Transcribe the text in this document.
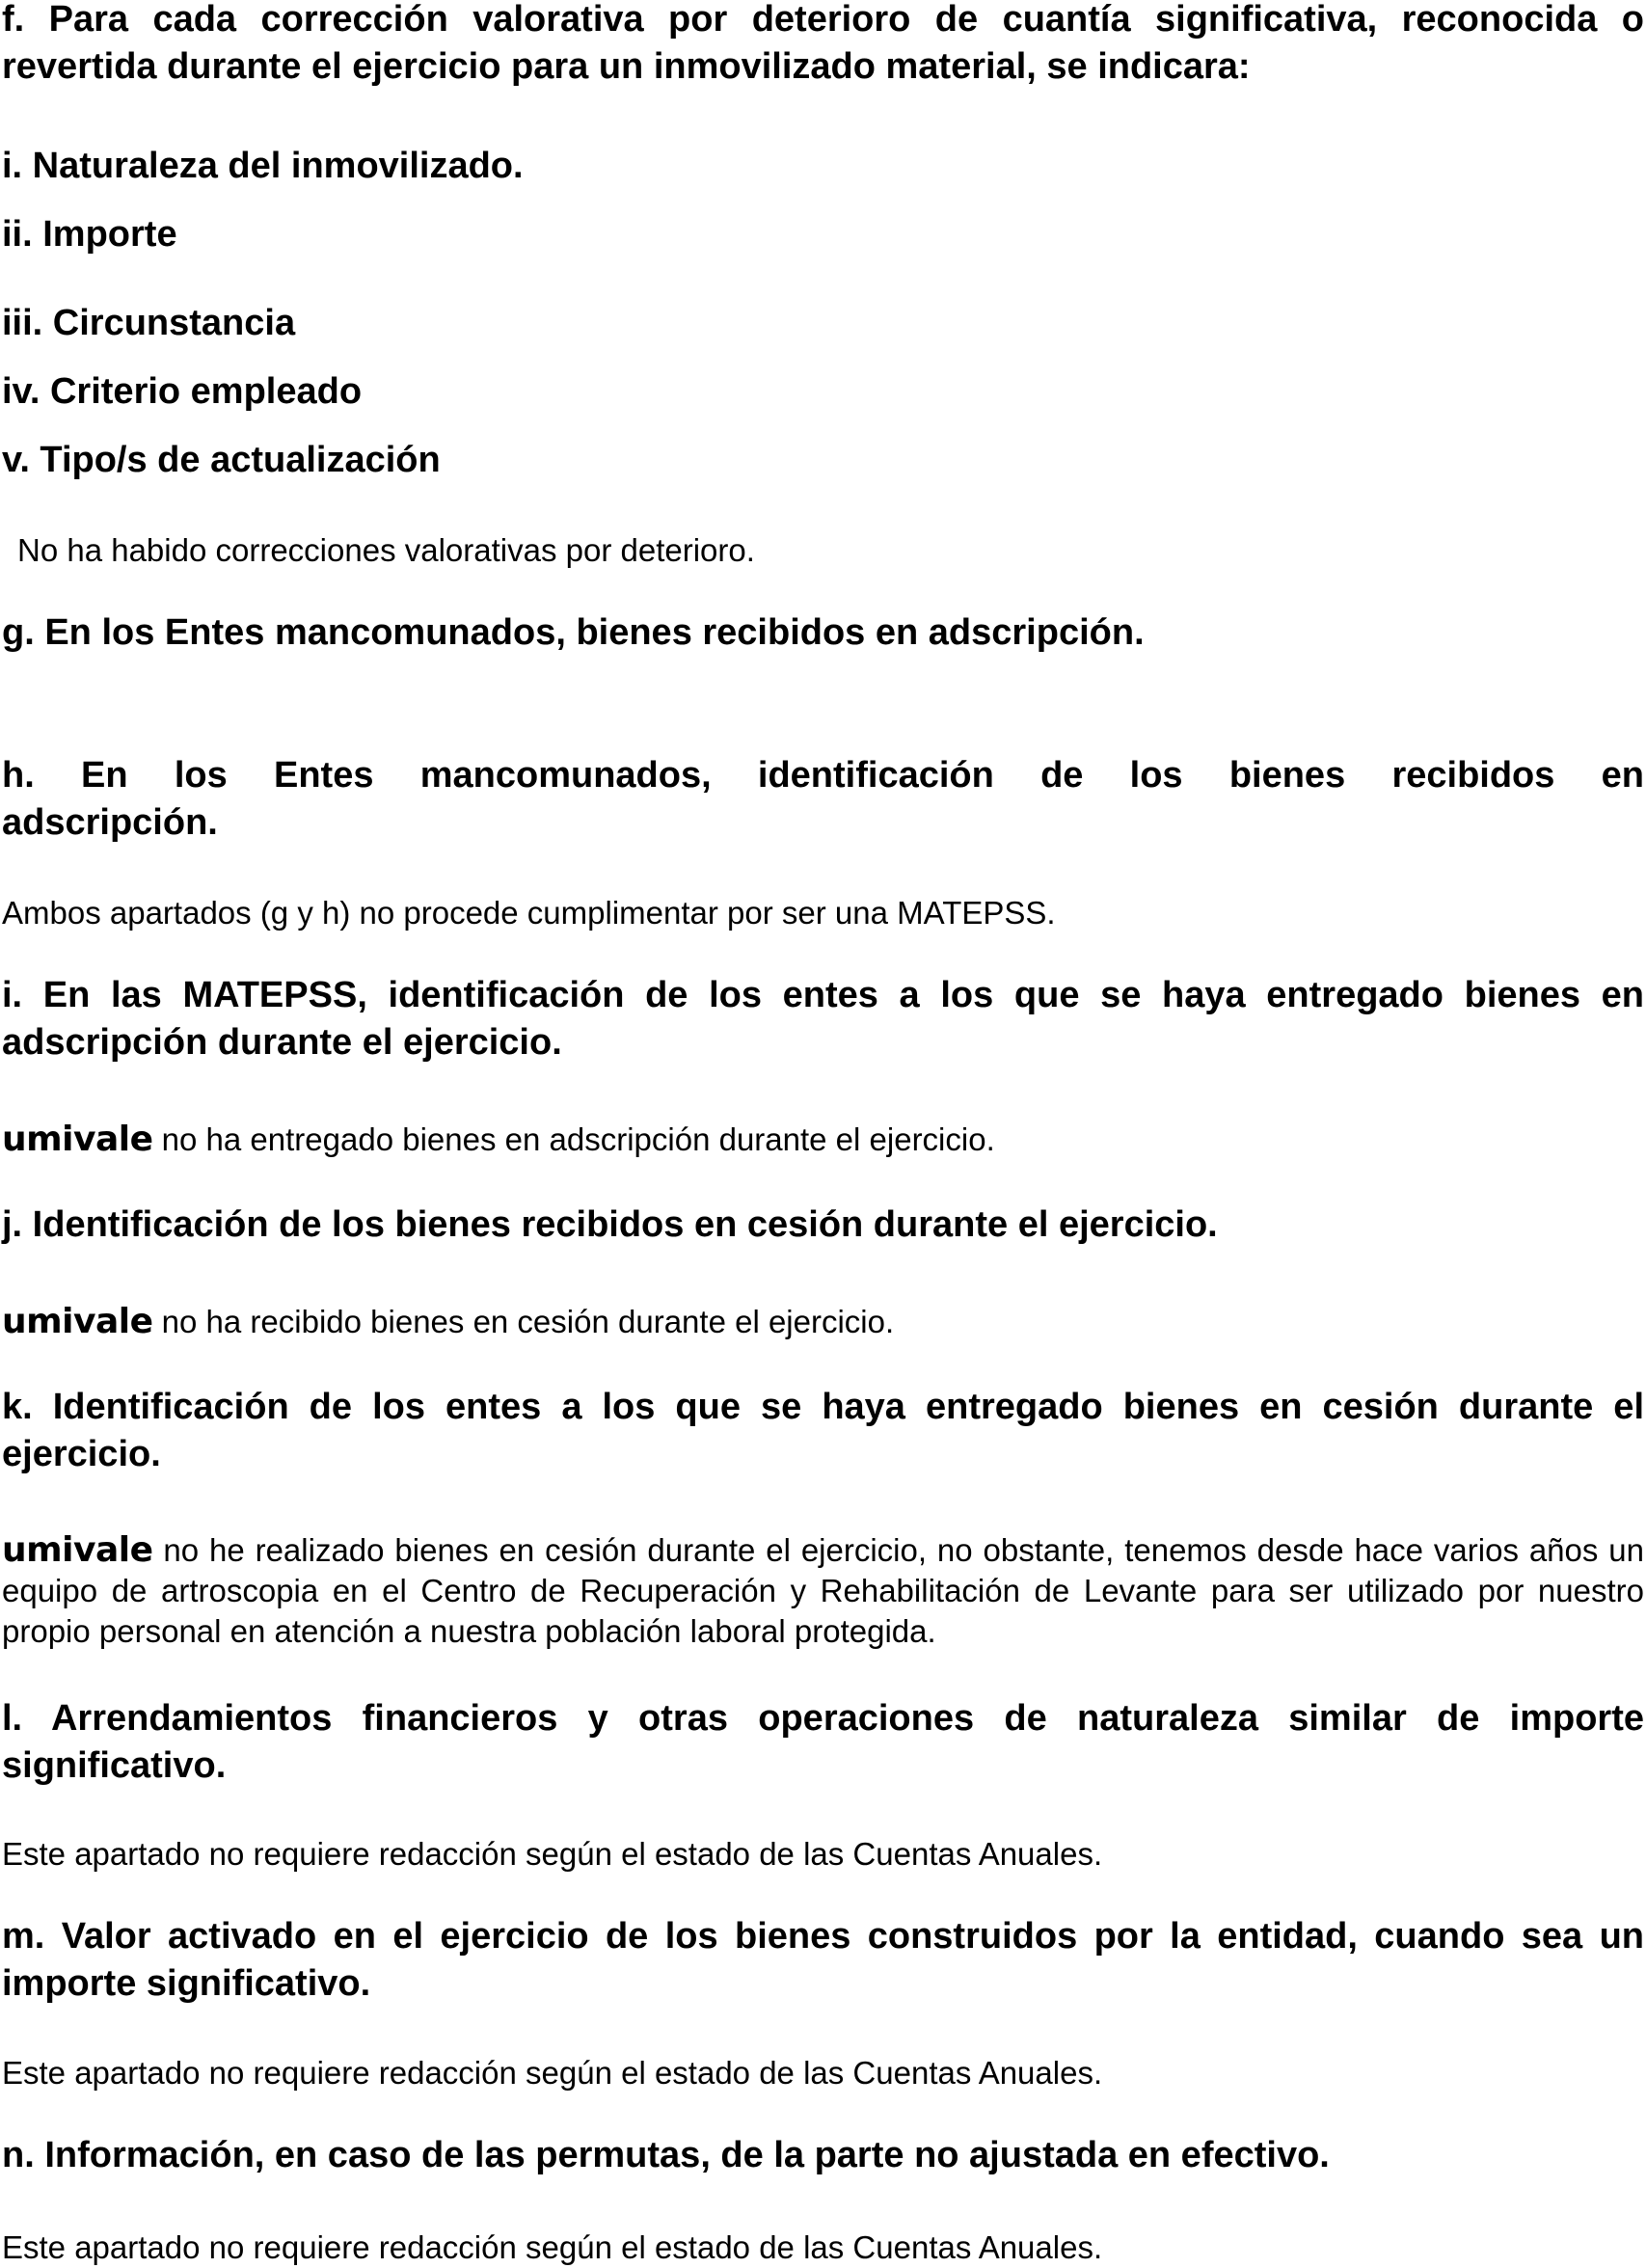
f. Para cada corrección valorativa por deterioro de cuantía significativa, reconocida o revertida durante el ejercicio para un inmovilizado material, se indicara:

i. Naturaleza del inmovilizado.

ii. Importe

iii. Circunstancia

iv. Criterio empleado

v. Tipo/s de actualización

No ha habido correcciones valorativas por deterioro.

g. En los Entes mancomunados, bienes recibidos en adscripción.

h. En los Entes mancomunados, identificación de los bienes recibidos en

adscripción.

Ambos apartados (g y h) no procede cumplimentar por ser una MATEPSS.

i. En las MATEPSS, identificación de los entes a los que se haya entregado bienes en adscripción durante el ejercicio.

umivale no ha entregado bienes en adscripción durante el ejercicio.

j. Identificación de los bienes recibidos en cesión durante el ejercicio.

umivale no ha recibido bienes en cesión durante el ejercicio.

k. Identificación de los entes a los que se haya entregado bienes en cesión durante el ejercicio.

umivale no he realizado bienes en cesión durante el ejercicio, no obstante, tenemos desde hace varios años un equipo de artroscopia en el Centro de Recuperación y Rehabilitación de Levante para ser utilizado por nuestro propio personal en atención a nuestra población laboral protegida.

l. Arrendamientos financieros y otras operaciones de naturaleza similar de importe significativo.

Este apartado no requiere redacción según el estado de las Cuentas Anuales.

m. Valor activado en el ejercicio de los bienes construidos por la entidad, cuando sea un importe significativo.

Este apartado no requiere redacción según el estado de las Cuentas Anuales.

n. Información, en caso de las permutas, de la parte no ajustada en efectivo.

Este apartado no requiere redacción según el estado de las Cuentas Anuales.
